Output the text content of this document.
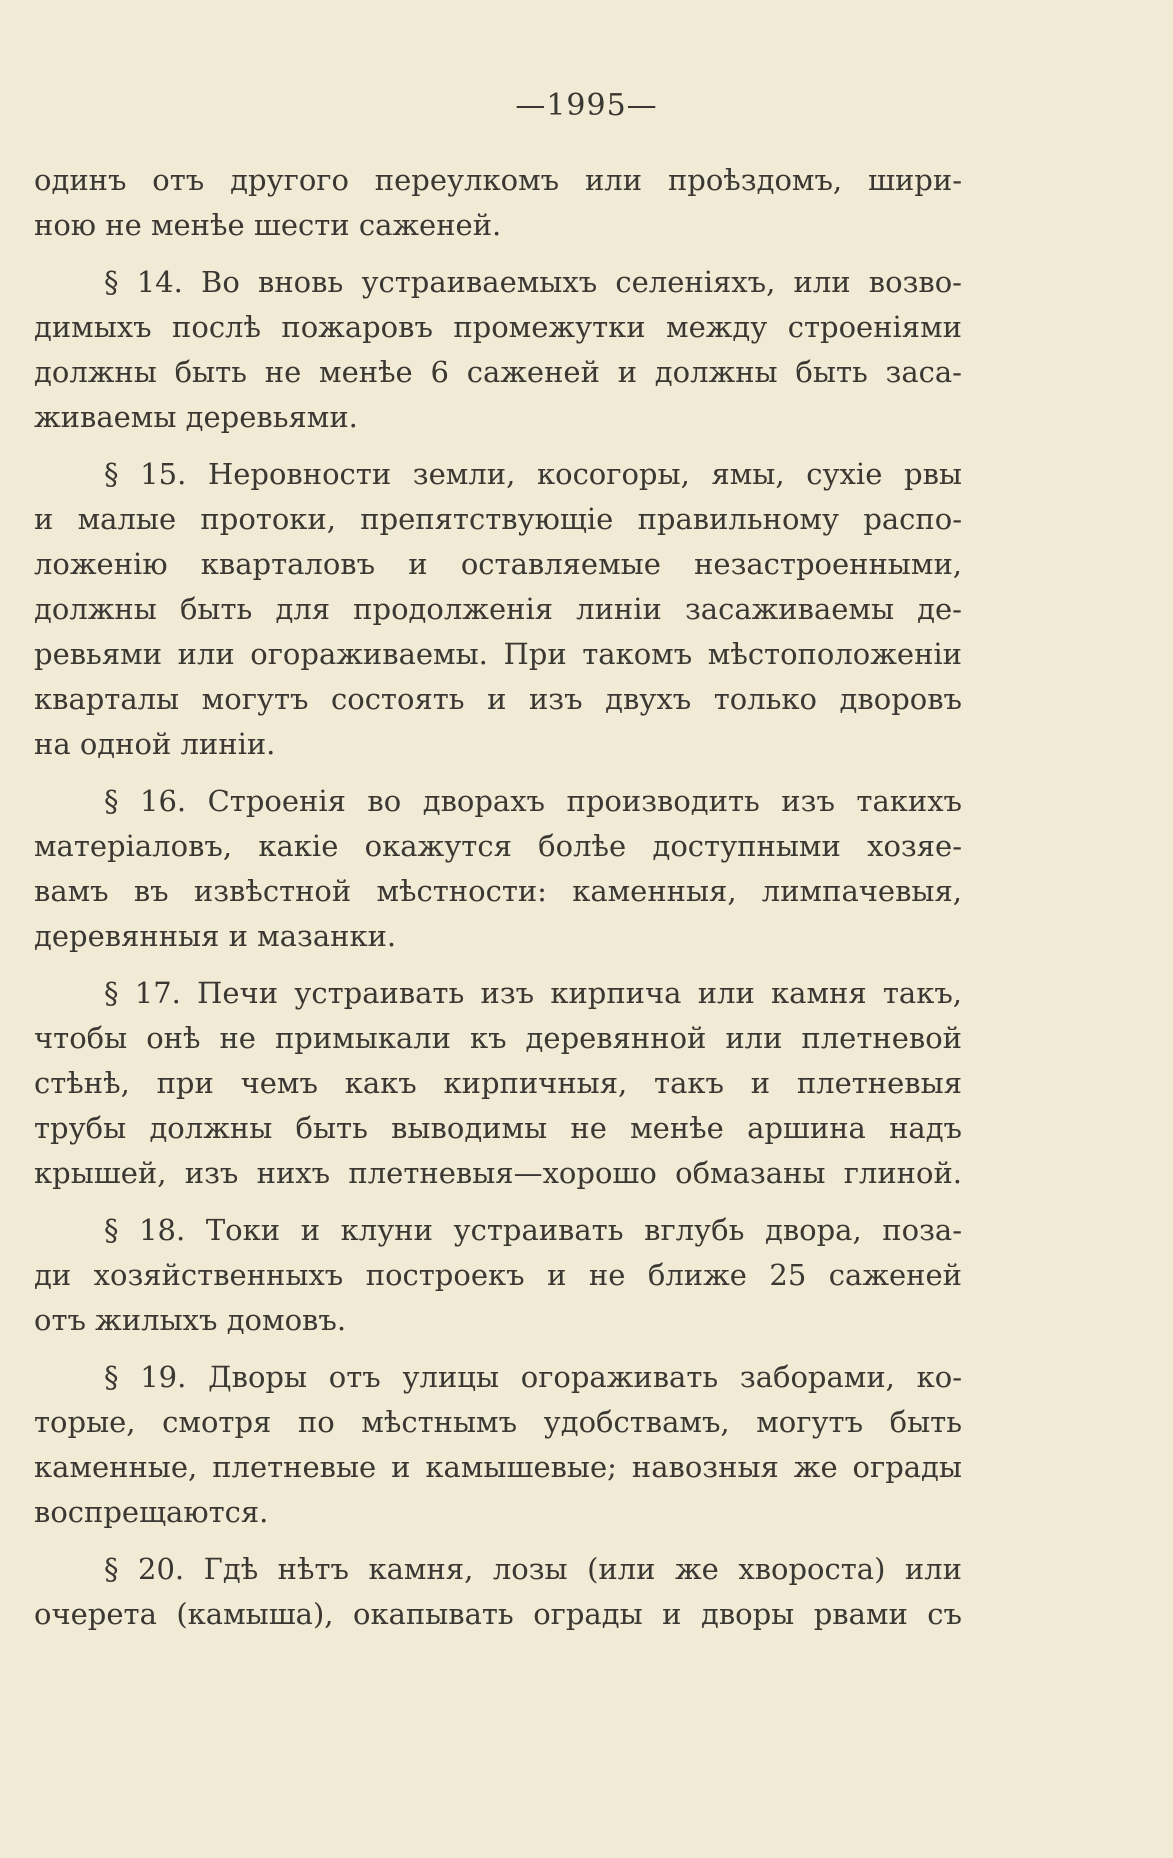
—1995—
одинъ отъ другого переулкомъ или проѣздомъ, шири-
ною не менѣе шести саженей.
§ 14. Во вновь устраиваемыхъ селеніяхъ, или возво-
димыхъ послѣ пожаровъ промежутки между строеніями
должны быть не менѣе 6 саженей и должны быть заса-
живаемы деревьями.
§ 15. Неровности земли, косогоры, ямы, сухіе рвы
и малые протоки, препятствующіе правильному распо-
ложенію кварталовъ и оставляемые незастроенными,
должны быть для продолженія линіи засаживаемы де-
ревьями или огораживаемы. При такомъ мѣстоположеніи
кварталы могутъ состоять и изъ двухъ только дворовъ
на одной линіи.
§ 16. Строенія во дворахъ производить изъ такихъ
матеріаловъ, какіе окажутся болѣе доступными хозяе-
вамъ въ извѣстной мѣстности: каменныя, лимпачевыя,
деревянныя и мазанки.
§ 17. Печи устраивать изъ кирпича или камня такъ,
чтобы онѣ не примыкали къ деревянной или плетневой
стѣнѣ, при чемъ какъ кирпичныя, такъ и плетневыя
трубы должны быть выводимы не менѣе аршина надъ
крышей, изъ нихъ плетневыя—хорошо обмазаны глиной.
§ 18. Токи и клуни устраивать вглубь двора, поза-
ди хозяйственныхъ построекъ и не ближе 25 саженей
отъ жилыхъ домовъ.
§ 19. Дворы отъ улицы огораживать заборами, ко-
торые, смотря по мѣстнымъ удобствамъ, могутъ быть
каменные, плетневые и камышевые; навозныя же ограды
воспрещаются.
§ 20. Гдѣ нѣтъ камня, лозы (или же хвороста) или
очерета (камыша), окапывать ограды и дворы рвами съ
